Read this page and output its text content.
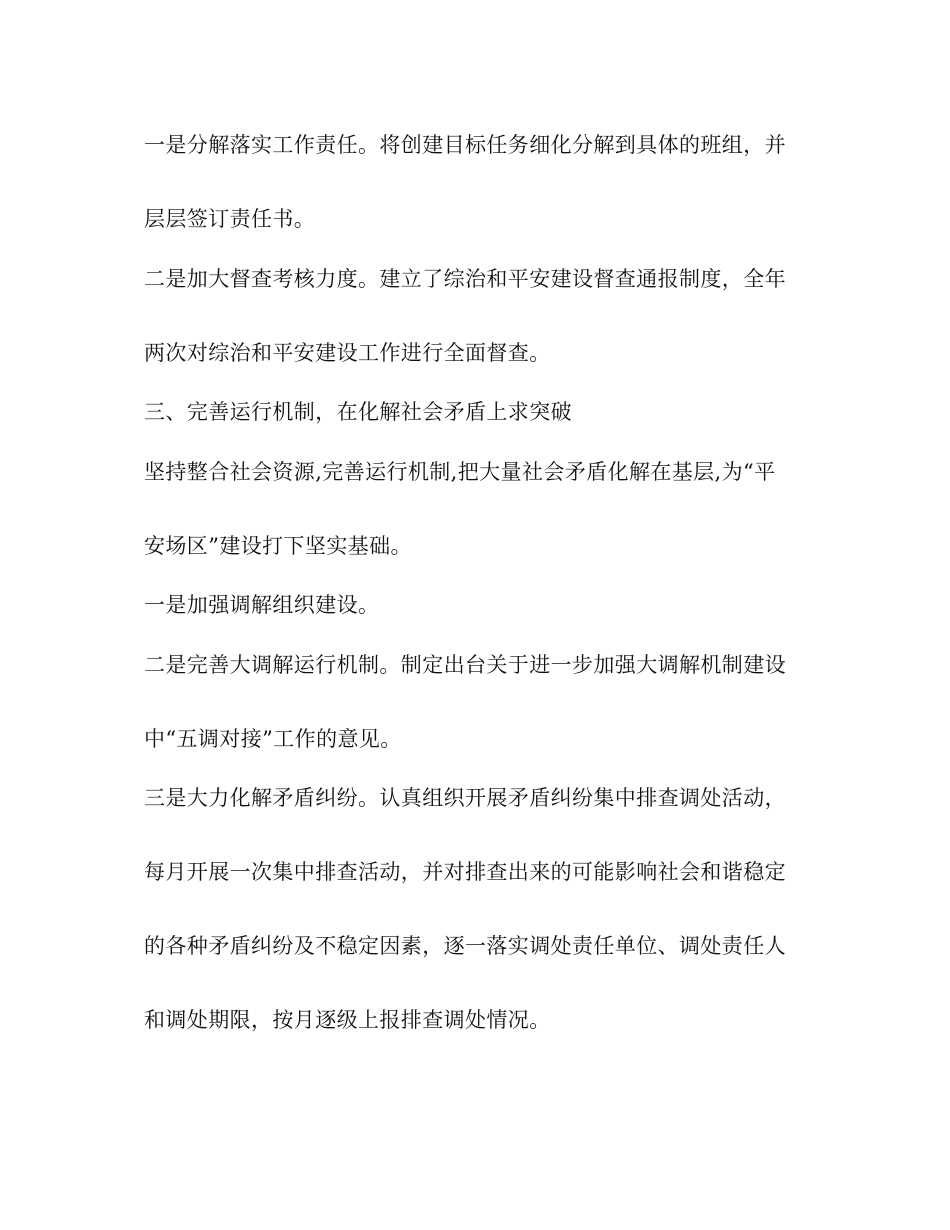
一是分解落实工作责任。将创建目标任务细化分解到具体的班组，并
层层签订责任书。
二是加大督查考核力度。建立了综治和平安建设督查通报制度，全年
两次对综治和平安建设工作进行全面督查。
三、完善运行机制，在化解社会矛盾上求突破
坚持整合社会资源,完善运行机制,把大量社会矛盾化解在基层,为“平
安场区”建设打下坚实基础。
一是加强调解组织建设。
二是完善大调解运行机制。制定出台关于进一步加强大调解机制建设
中“五调对接”工作的意见。
三是大力化解矛盾纠纷。认真组织开展矛盾纠纷集中排查调处活动，
每月开展一次集中排查活动，并对排查出来的可能影响社会和谐稳定
的各种矛盾纠纷及不稳定因素，逐一落实调处责任单位、调处责任人
和调处期限，按月逐级上报排查调处情况。
